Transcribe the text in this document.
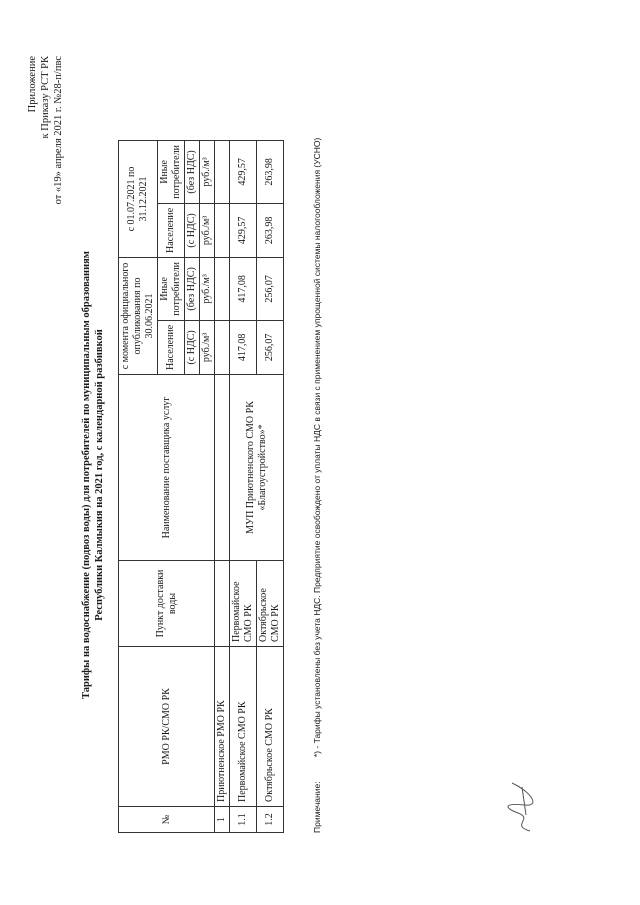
Приложение к Приказу РСТ РК от «19» апреля 2021 г. №28-п/пвс
Тарифы на водоснабжение (подвоз воды) для потребителей по муниципальным образованиям Республики Калмыкия на 2021 год, с календарной разбивкой
№	РМО РК/СМО РК	Пункт доставки воды	Наименование поставщика услуг	с момента официального опубликования по 30.06.2021		с 01.07.2021 по 31.12.2021	
				Население	Иные потребители	Население	Иные потребители
				(с НДС)	(без НДС)	(с НДС)	(без НДС)
				руб./м³	руб./м³	руб./м³	руб./м³
1	Приютненское РМО РК						
1.1	Первомайское СМО РК	Первомайское СМО РК	МУП Приютненского СМО РК «Благоустройство»*	417,08	417,08	429,57	429,57
1.2	Октябрьское СМО РК	Октябрьское СМО РК		256,07	256,07	263,98	263,98
Примечание: *) - Тарифы установлены без учета НДС. Предприятие освобождено от уплаты НДС в связи с применением упрощенной системы налогообложения (УСНО)
